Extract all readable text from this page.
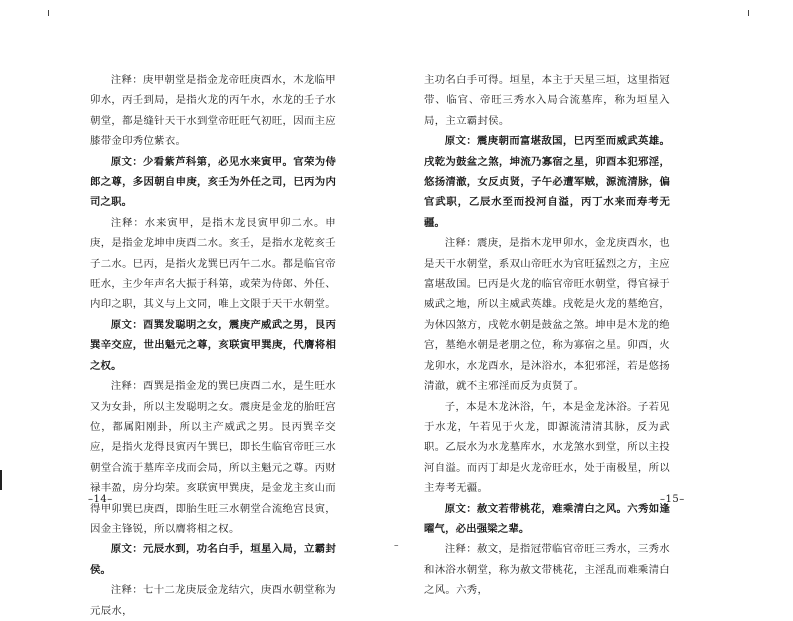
注释：庚甲朝堂是指金龙帝旺庚酉水，木龙临甲卯水，丙壬到局，是指火龙的丙午水，水龙的壬子水朝堂，都是缝针天干水到堂帝旺旺气初旺，因而主应膝带金印秀位紫衣。

原文：少看紫芦科第，必见水来寅甲。官荣为侍郎之尊，多因朝自申庚，亥壬为外任之司，巳丙为内司之职。

注释：水来寅甲，是指木龙艮寅甲卯二水。申庚，是指金龙坤申庚酉二水。亥壬，是指水龙乾亥壬子二水。巳丙，是指火龙巽巳丙午二水。都是临官帝旺水，主少年声名大振于科第，或荣为侍郎、外任、内印之职，其义与上文同，唯上文限于天干水朝堂。

原文：酉巽发聪明之女，震庚产威武之男，艮丙巽辛交应，世出魁元之尊，亥联寅甲巽庚，代膺将相之权。

注释：酉巽是指金龙的巽巳庚酉二水，是生旺水又为女卦，所以主发聪明之女。震庚是金龙的胎旺宫位，都属阳刚卦，所以主产威武之男。艮丙巽辛交应，是指火龙得艮寅丙午巽巳，即长生临官帝旺三水朝堂合流于墓库辛戌而会局，所以主魁元之尊。丙财禄丰盈，房分均荣。亥联寅甲巽庚，是金龙主亥山而得甲卯巽巳庚酉，即胎生旺三水朝堂合流绝宫艮寅，因金主锋锐，所以膺将相之权。

原文：元辰水到，功名白手，垣星入局，立霸封侯。

注释：七十二龙庚辰金龙结穴，庚酉水朝堂称为元辰水，

–14–

主功名白手可得。垣星，本主于天星三垣，这里指冠带、临官、帝旺三秀水入局合流墓库，称为垣星入局，主立霸封侯。

原文：震庚朝而富堪敌国，巳丙至而威武英雄。戌乾为鼓盆之煞，坤流乃寡宿之星，卯酉本犯邪淫，悠扬清澈，女反贞贤，子午必遭军贼，源流清脉，偏官武职，乙辰水至而投河自溢，丙丁水来而寿考无疆。

注释：震庚，是指木龙甲卯水，金龙庚酉水，也是天干水朝堂，系双山帝旺水为官旺猛烈之方，主应富堪敌国。巳丙是火龙的临官帝旺水朝堂，得官禄于威武之地，所以主威武英雄。戌乾是火龙的墓绝宫，为休囚煞方，戌乾水朝是鼓盆之煞。坤申是木龙的绝宫，墓绝水朝是老朋之位，称为寡宿之星。卯酉，火龙卯水，水龙酉水，是沐浴水，本犯邪淫，若是悠扬清澈，就不主邪淫而反为贞贤了。

子，本是木龙沐浴，午，本是金龙沐浴。子若见于水龙，午若见于火龙，即源流清清其脉，反为武职。乙辰水为水龙墓库水，水龙煞水到堂，所以主投河自溢。而丙丁却是火龙帝旺水，处于南极星，所以主寿考无疆。

原文：赦文若带桃花，难乘清白之风。六秀如逢曜气，必出强梁之辈。

注释：赦文，是指冠带临官帝旺三秀水，三秀水和沐浴水朝堂，称为赦文带桃花，主淫乱而难乘清白之风。六秀，

–15–
–
